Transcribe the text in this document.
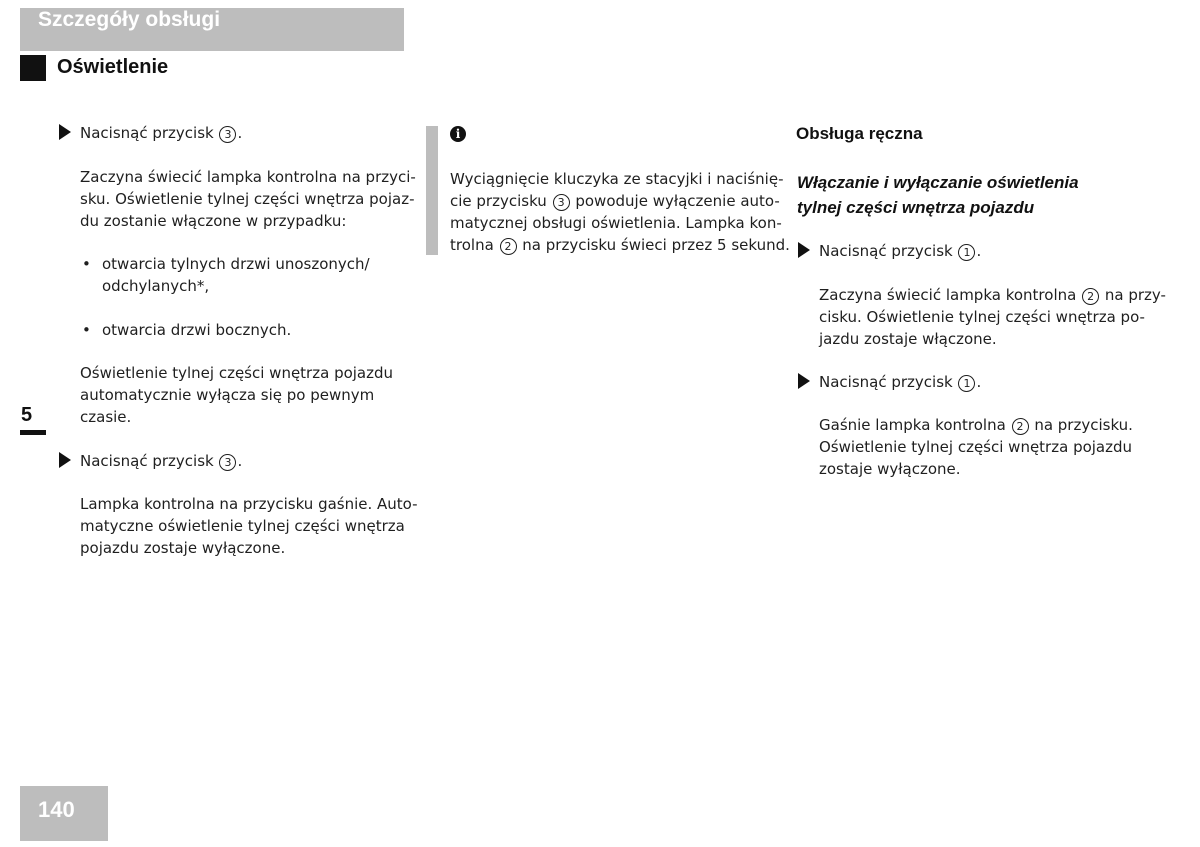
Szczegóły obsługi
Oświetlenie
Nacisnąć przycisk 3 .
Zaczyna świecić lampka kontrolna na przyci-
sku. Oświetlenie tylnej części wnętrza pojaz-
du zostanie włączone w przypadku:
• otwarcia tylnych drzwi unoszonych/
odchylanych*,
• otwarcia drzwi bocznych.
Oświetlenie tylnej części wnętrza pojazdu
automatycznie wyłącza się po pewnym
czasie.
Nacisnąć przycisk 3 .
Lampka kontrolna na przycisku gaśnie. Auto-
matyczne oświetlenie tylnej części wnętrza
pojazdu zostaje wyłączone.
5
i
Wyciągnięcie kluczyka ze stacyjki i naciśnię-
cie przycisku 3 powoduje wyłączenie auto-
matycznej obsługi oświetlenia. Lampka kon-
trolna 2 na przycisku świeci przez 5 sekund.
Obsługa ręczna
Włączanie i wyłączanie oświetlenia
tylnej części wnętrza pojazdu
Nacisnąć przycisk 1 .
Zaczyna świecić lampka kontrolna 2 na przy-
cisku. Oświetlenie tylnej części wnętrza po-
jazdu zostaje włączone.
Nacisnąć przycisk 1 .
Gaśnie lampka kontrolna 2 na przycisku.
Oświetlenie tylnej części wnętrza pojazdu
zostaje wyłączone.
140
